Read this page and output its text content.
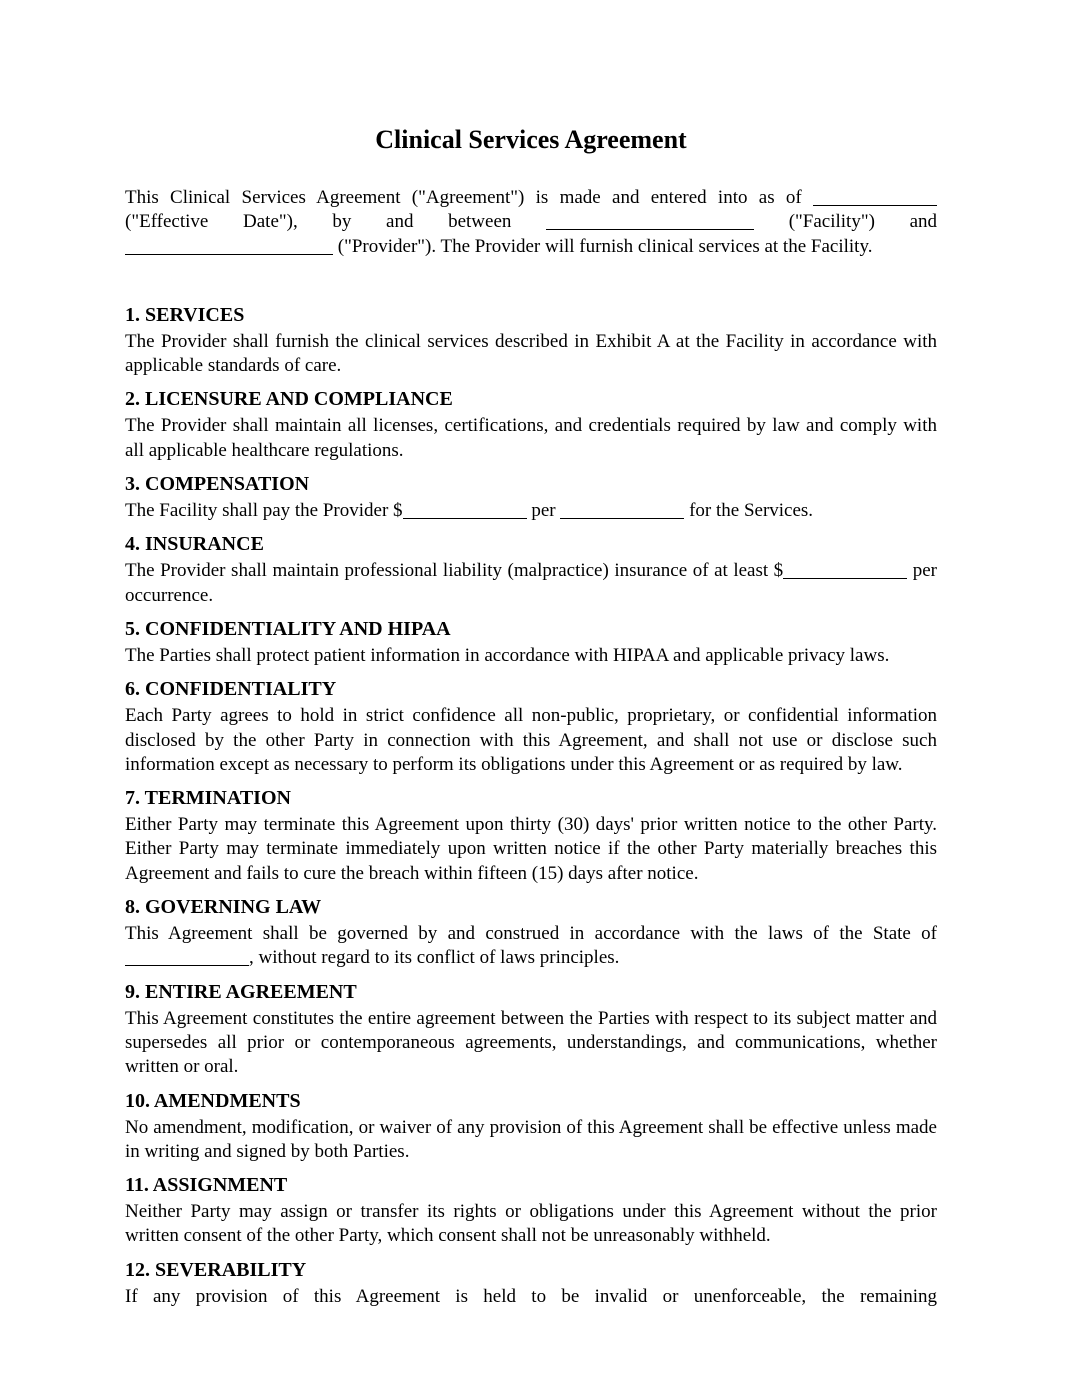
Clinical Services Agreement

This Clinical Services Agreement ("Agreement") is made and entered into as of  ("Effective Date"), by and between	("Facility") and  ("Provider"). The Provider will furnish clinical services at the Facility.

1. SERVICES

The Provider shall furnish the clinical services described in Exhibit A at the Facility in accordance with applicable standards of care.

2. LICENSURE AND COMPLIANCE

The Provider shall maintain all licenses, certifications, and credentials required by law and comply with all applicable healthcare regulations.

3. COMPENSATION

The Facility shall pay the Provider $	per	for the Services.

4. INSURANCE

The Provider shall maintain professional liability (malpractice) insurance of at least $	per occurrence.

5. CONFIDENTIALITY AND HIPAA

The Parties shall protect patient information in accordance with HIPAA and applicable privacy laws.

6. CONFIDENTIALITY

Each Party agrees to hold in strict confidence all non-public, proprietary, or confidential information disclosed by the other Party in connection with this Agreement, and shall not use or disclose such information except as necessary to perform its obligations under this Agreement or as required by law.

7. TERMINATION

Either Party may terminate this Agreement upon thirty (30) days' prior written notice to the other Party. Either Party may terminate immediately upon written notice if the other Party materially breaches this Agreement and fails to cure the breach within fifteen (15) days after notice.

8. GOVERNING LAW

This Agreement shall be governed by and construed in accordance with the laws of the State of , without regard to its conflict of laws principles.

9. ENTIRE AGREEMENT

This Agreement constitutes the entire agreement between the Parties with respect to its subject matter and supersedes all prior or contemporaneous agreements, understandings, and communications, whether written or oral.

10. AMENDMENTS

No amendment, modification, or waiver of any provision of this Agreement shall be effective unless made in writing and signed by both Parties.

11. ASSIGNMENT

Neither Party may assign or transfer its rights or obligations under this Agreement without the prior written consent of the other Party, which consent shall not be unreasonably withheld.

12. SEVERABILITY

If any provision of this Agreement is held to be invalid or unenforceable, the remaining
